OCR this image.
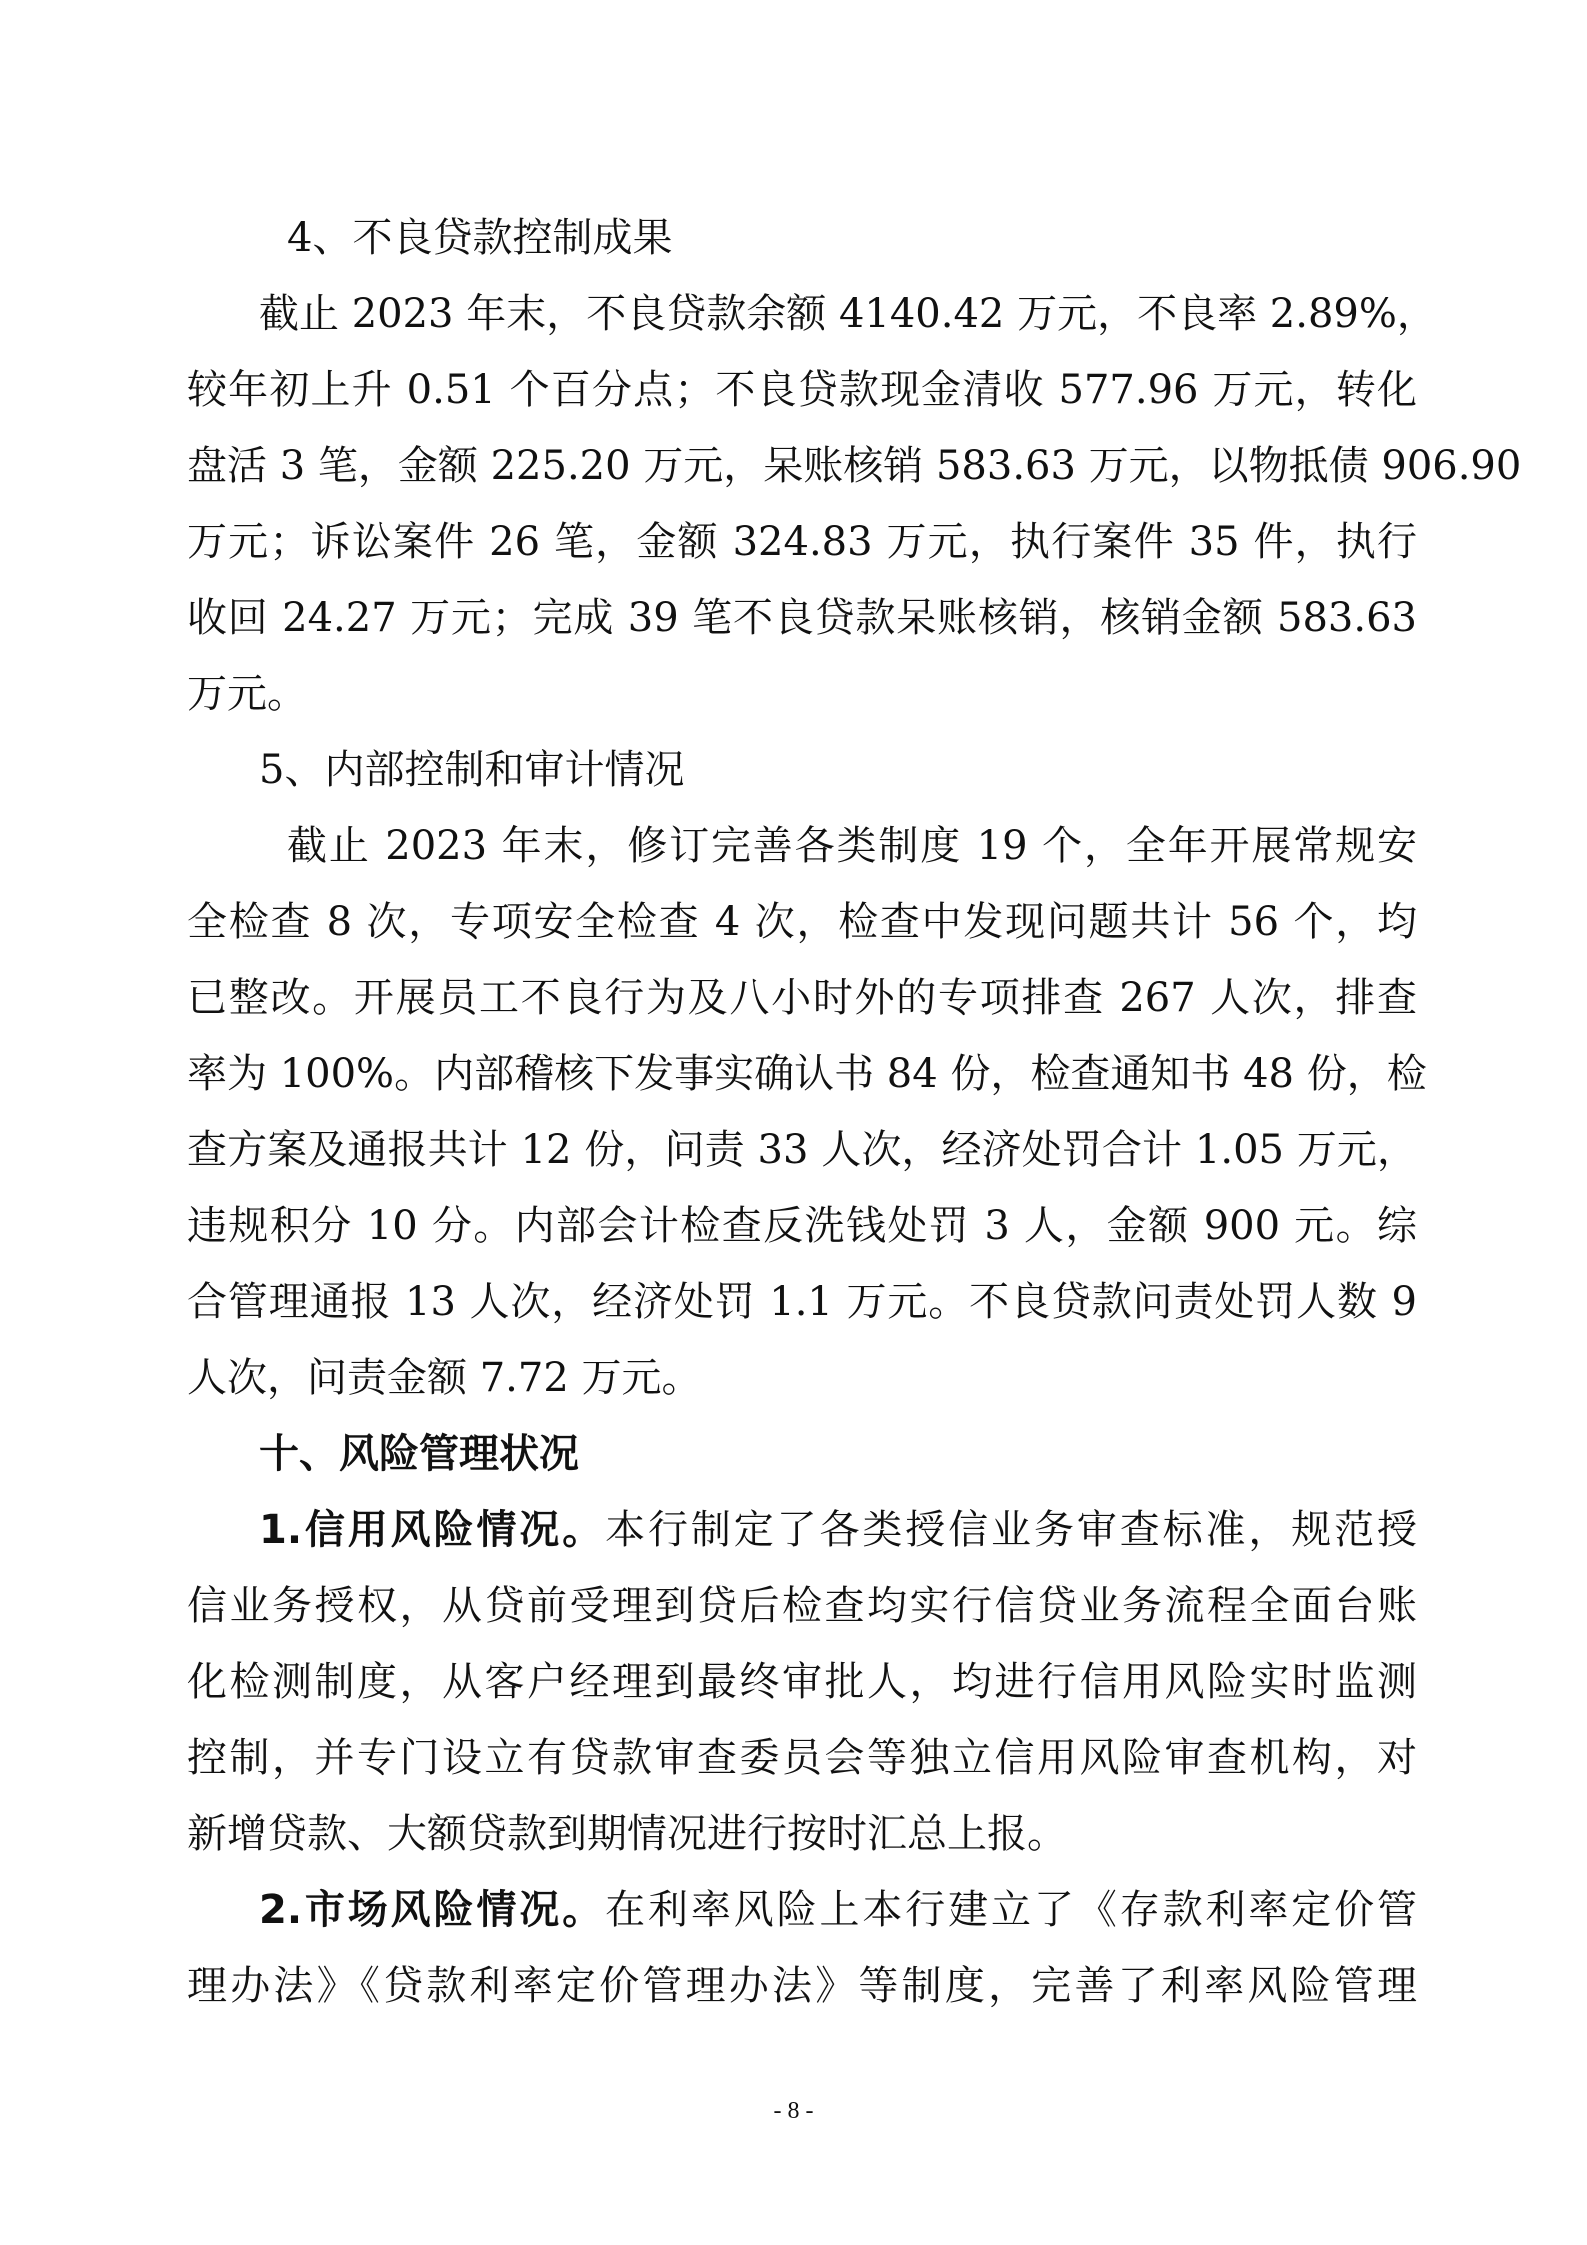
4、不良贷款控制成果
截止 2023 年末，不良贷款余额 4140.42 万元，不良率 2.89%，
较年初上升 0.51 个百分点；不良贷款现金清收 577.96 万元，转化
盘活 3 笔，金额 225.20 万元，呆账核销 583.63 万元，以物抵债 906.90
万元；诉讼案件 26 笔，金额 324.83 万元，执行案件 35 件，执行
收回 24.27 万元；完成 39 笔不良贷款呆账核销，核销金额 583.63
万元。
5、内部控制和审计情况
截止 2023 年末，修订完善各类制度 19 个，全年开展常规安
全检查 8 次，专项安全检查 4 次，检查中发现问题共计 56 个，均
已整改。开展员工不良行为及八小时外的专项排查 267 人次，排查
率为 100%。内部稽核下发事实确认书 84 份，检查通知书 48 份，检
查方案及通报共计 12 份，问责 33 人次，经济处罚合计 1.05 万元，
违规积分 10 分。内部会计检查反洗钱处罚 3 人，金额 900 元。综
合管理通报 13 人次，经济处罚 1.1 万元。不良贷款问责处罚人数 9
人次，问责金额 7.72 万元。
十、风险管理状况
1.信用风险情况。本行制定了各类授信业务审查标准，规范授
信业务授权，从贷前受理到贷后检查均实行信贷业务流程全面台账
化检测制度，从客户经理到最终审批人，均进行信用风险实时监测
控制，并专门设立有贷款审查委员会等独立信用风险审查机构，对
新增贷款、大额贷款到期情况进行按时汇总上报。
2.市场风险情况。在利率风险上本行建立了《存款利率定价管
理办法》《贷款利率定价管理办法》等制度，完善了利率风险管理
- 8 -
